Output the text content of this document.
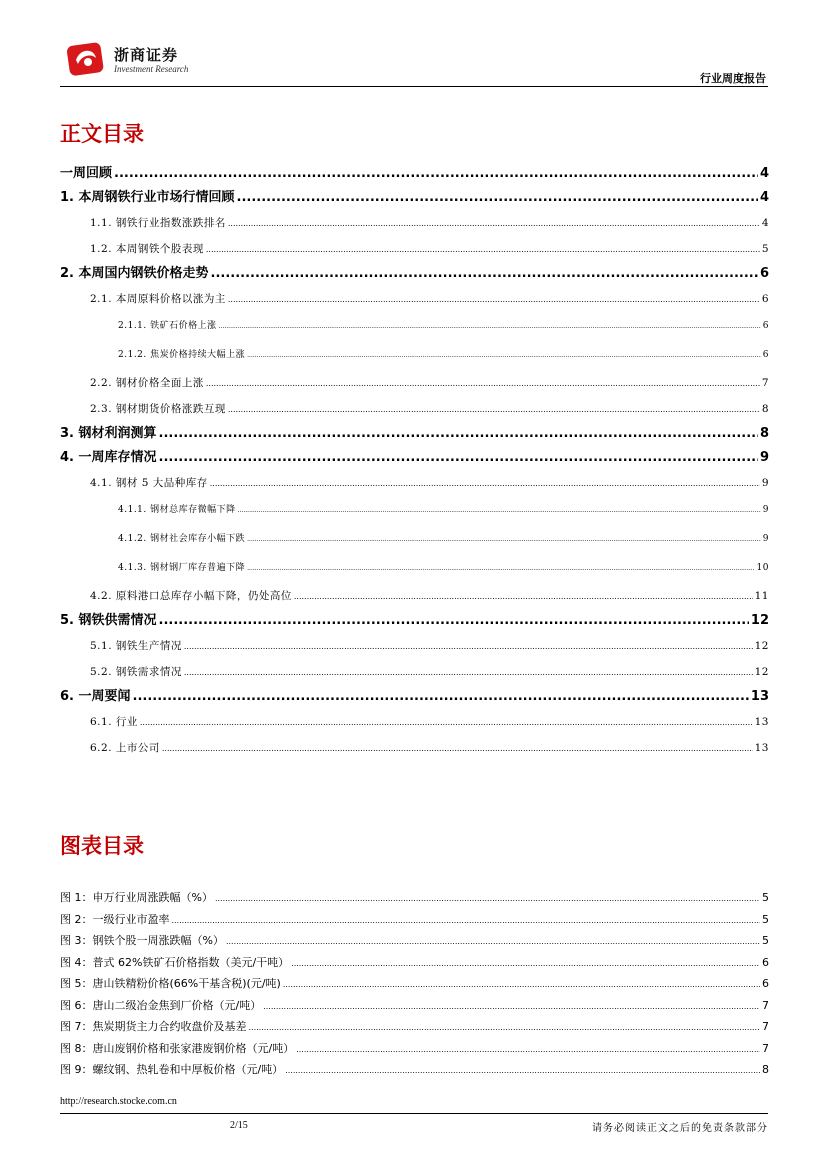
浙商证券
Investment Research
行业周度报告
正文目录
一周回顾 .....	4
1. 本周钢铁行业市场行情回顾 .....	4
1.1. 钢铁行业指数涨跌排名 .....	4
1.2. 本周钢铁个股表现 .....	5
2. 本周国内钢铁价格走势 .....	6
2.1. 本周原料价格以涨为主 .....	6
2.1.1. 铁矿石价格上涨 .....	6
2.1.2. 焦炭价格持续大幅上涨 .....	6
2.2. 钢材价格全面上涨 .....	7
2.3. 钢材期货价格涨跌互现 .....	8
3. 钢材利润测算 .....	8
4. 一周库存情况 .....	9
4.1. 钢材 5 大品种库存 .....	9
4.1.1. 钢材总库存微幅下降 .....	9
4.1.2. 钢材社会库存小幅下跌 .....	9
4.1.3. 钢材钢厂库存普遍下降 .....	10
4.2. 原料港口总库存小幅下降，仍处高位 .....	11
5. 钢铁供需情况 .....	12
5.1. 钢铁生产情况 .....	12
5.2. 钢铁需求情况 .....	12
6. 一周要闻 .....	13
6.1. 行业 .....	13
6.2. 上市公司 .....	13
图表目录
图 1：申万行业周涨跌幅（%） .....	5
图 2：一级行业市盈率 .....	5
图 3：钢铁个股一周涨跌幅（%） .....	5
图 4：普式 62%铁矿石价格指数（美元/干吨） .....	6
图 5：唐山铁精粉价格(66%干基含税)(元/吨) .....	6
图 6：唐山二级冶金焦到厂价格（元/吨） .....	7
图 7：焦炭期货主力合约收盘价及基差 .....	7
图 8：唐山废钢价格和张家港废钢价格（元/吨） .....	7
图 9：螺纹钢、热轧卷和中厚板价格（元/吨） .....	8
http://research.stocke.com.cn
2/15	请务必阅读正文之后的免责条款部分
